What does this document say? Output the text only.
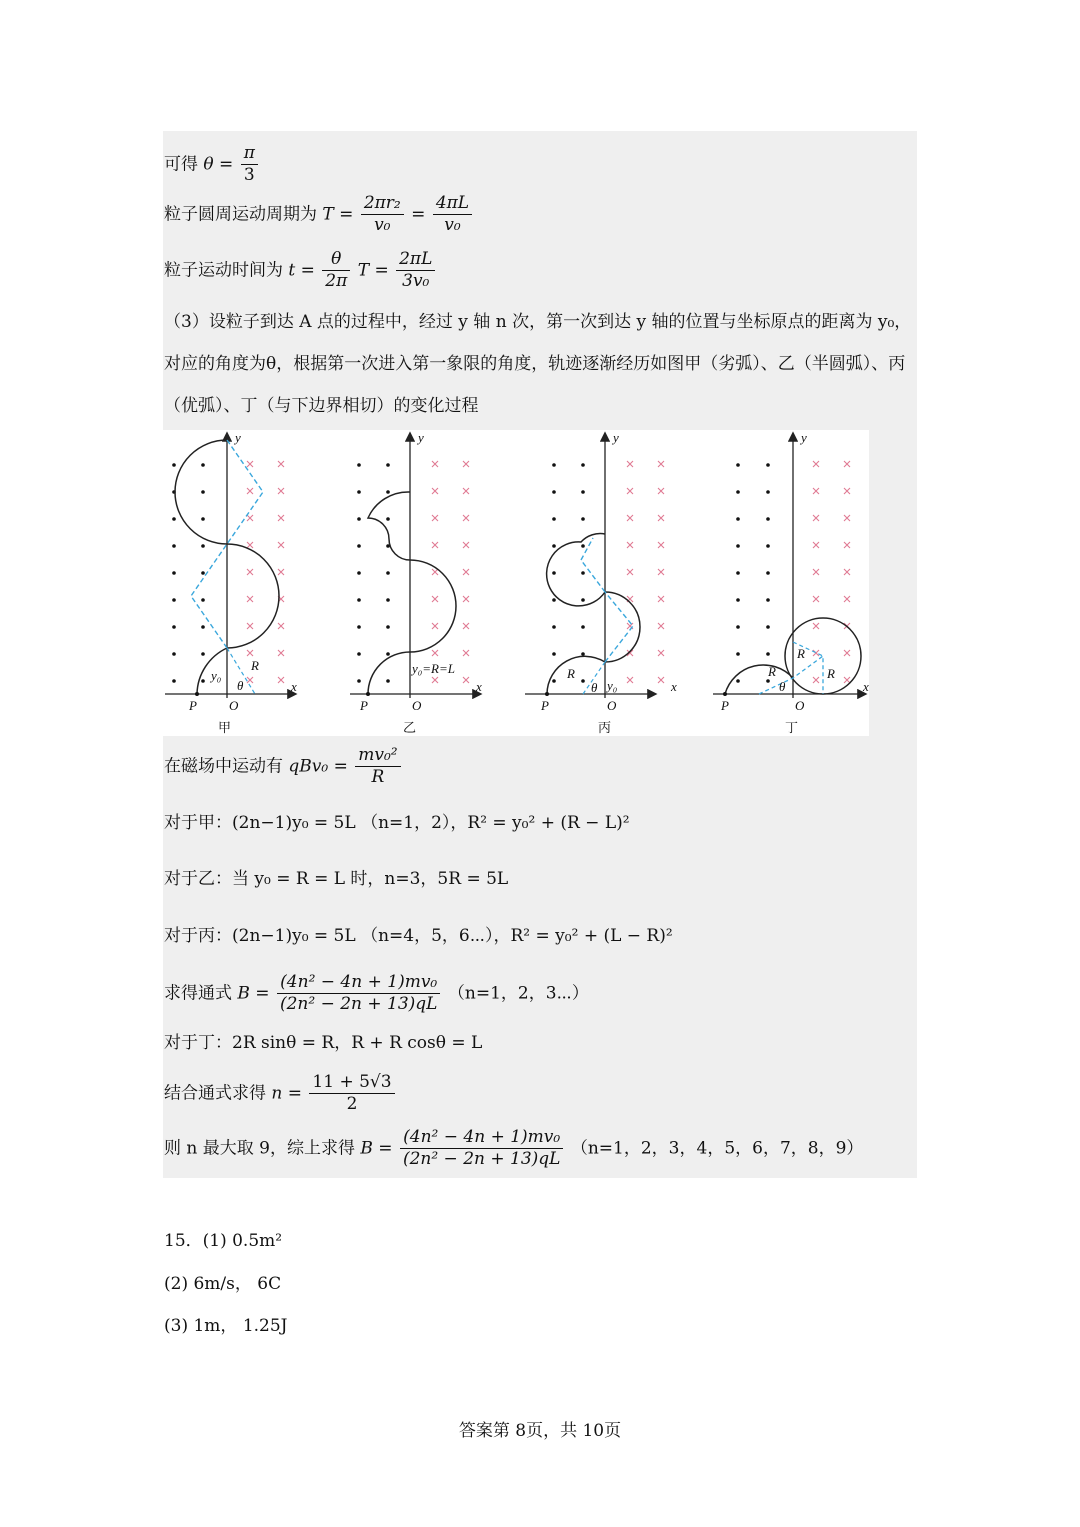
可得 $\theta = \frac{\pi}{3}$
粒子圆周运动周期为 $T = \frac{\text{2πr₂}}{\text{v₀}} = \frac{4\pi L}{\text{v₀}}$
粒子运动时间为 $t = \frac{\theta}{2\pi}$ $T = \frac{2\pi L}{\text{3v₀}}$
（3）设粒子到达 A 点的过程中，经过 y 轴 n 次，第一次到达 y 轴的位置与坐标原点的距离为 y₀，对应的角度为θ，根据第一次进入第一象限的角度，轨迹逐渐经历如图甲（劣弧）、乙（半圆弧）、丙（优弧）、丁（与下边界相切）的变化过程
y
x
P O
R
y₀
θ
甲
y
x
P	O
y₀=R=L
乙
y
x
P	O
R
y₀
θ
丙
y
x
P	O
R
R
R
θ
丁
在磁场中运动有 $qBv_0 = \frac{\text{mv₀²}}{R}$
对于甲：(2n−1)y₀ = 5L （n=1，2），R² = y₀² + (R − L)²
对于乙：当 y₀ = R = L 时，n=3，5R = 5L
对于丙：(2n−1)y₀ = 5L （n=4，5，6⋯），R² = y₀² + (L − R)²
求得通式 $B = \frac{\text{(4n² − 4n + 1)mv₀}}{\text{(2n² − 2n + 13)qL}} (n=1$，2，3⋯）
对于丁：2R sinθ = R，R + R cosθ = L
结合通式求得 $n = \frac{11 + 5√3}{2}$
则 n 最大取 9，综上求得 $B = \frac{\text{(4n² − 4n + 1)mv₀}}{\text{(2n² − 2n + 13)qL}} (n=1$，2，3，4，5，6，7，8，9）
15．(1) 0.5m²
(2) 6m/s， 6C
(3) 1m， 1.25J
答案第 8页，共 10页
